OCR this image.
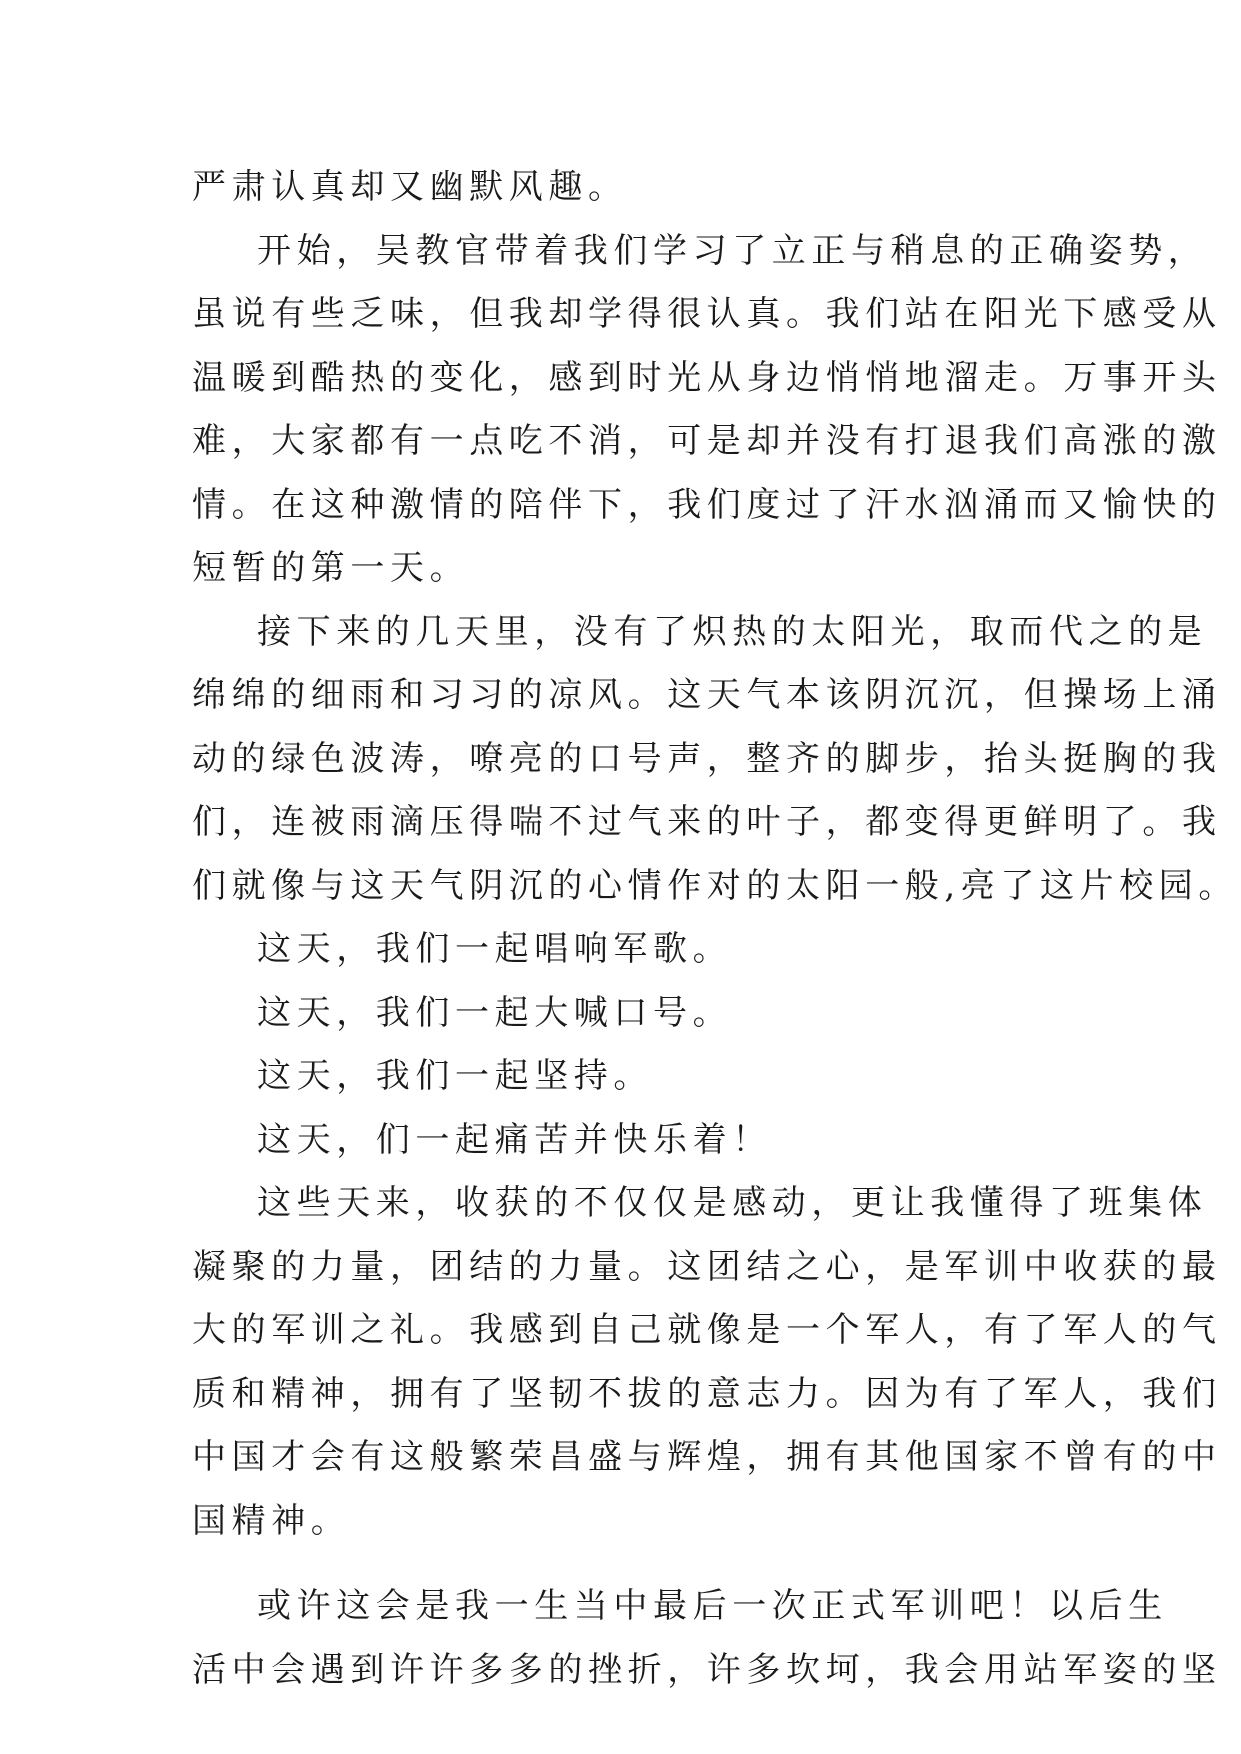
严肃认真却又幽默风趣。
开始，吴教官带着我们学习了立正与稍息的正确姿势，
虽说有些乏味，但我却学得很认真。我们站在阳光下感受从
温暖到酷热的变化，感到时光从身边悄悄地溜走。万事开头
难，大家都有一点吃不消，可是却并没有打退我们高涨的激
情。在这种激情的陪伴下，我们度过了汗水汹涌而又愉快的
短暂的第一天。
接下来的几天里，没有了炽热的太阳光，取而代之的是
绵绵的细雨和习习的凉风。这天气本该阴沉沉，但操场上涌
动的绿色波涛，嘹亮的口号声，整齐的脚步，抬头挺胸的我
们，连被雨滴压得喘不过气来的叶子，都变得更鲜明了。我
们就像与这天气阴沉的心情作对的太阳一般,亮了这片校园。
这天，我们一起唱响军歌。
这天，我们一起大喊口号。
这天，我们一起坚持。
这天，们一起痛苦并快乐着！
这些天来，收获的不仅仅是感动，更让我懂得了班集体
凝聚的力量，团结的力量。这团结之心，是军训中收获的最
大的军训之礼。我感到自己就像是一个军人，有了军人的气
质和精神，拥有了坚韧不拔的意志力。因为有了军人，我们
中国才会有这般繁荣昌盛与辉煌，拥有其他国家不曾有的中
国精神。
或许这会是我一生当中最后一次正式军训吧！以后生
活中会遇到许许多多的挫折，许多坎坷，我会用站军姿的坚
